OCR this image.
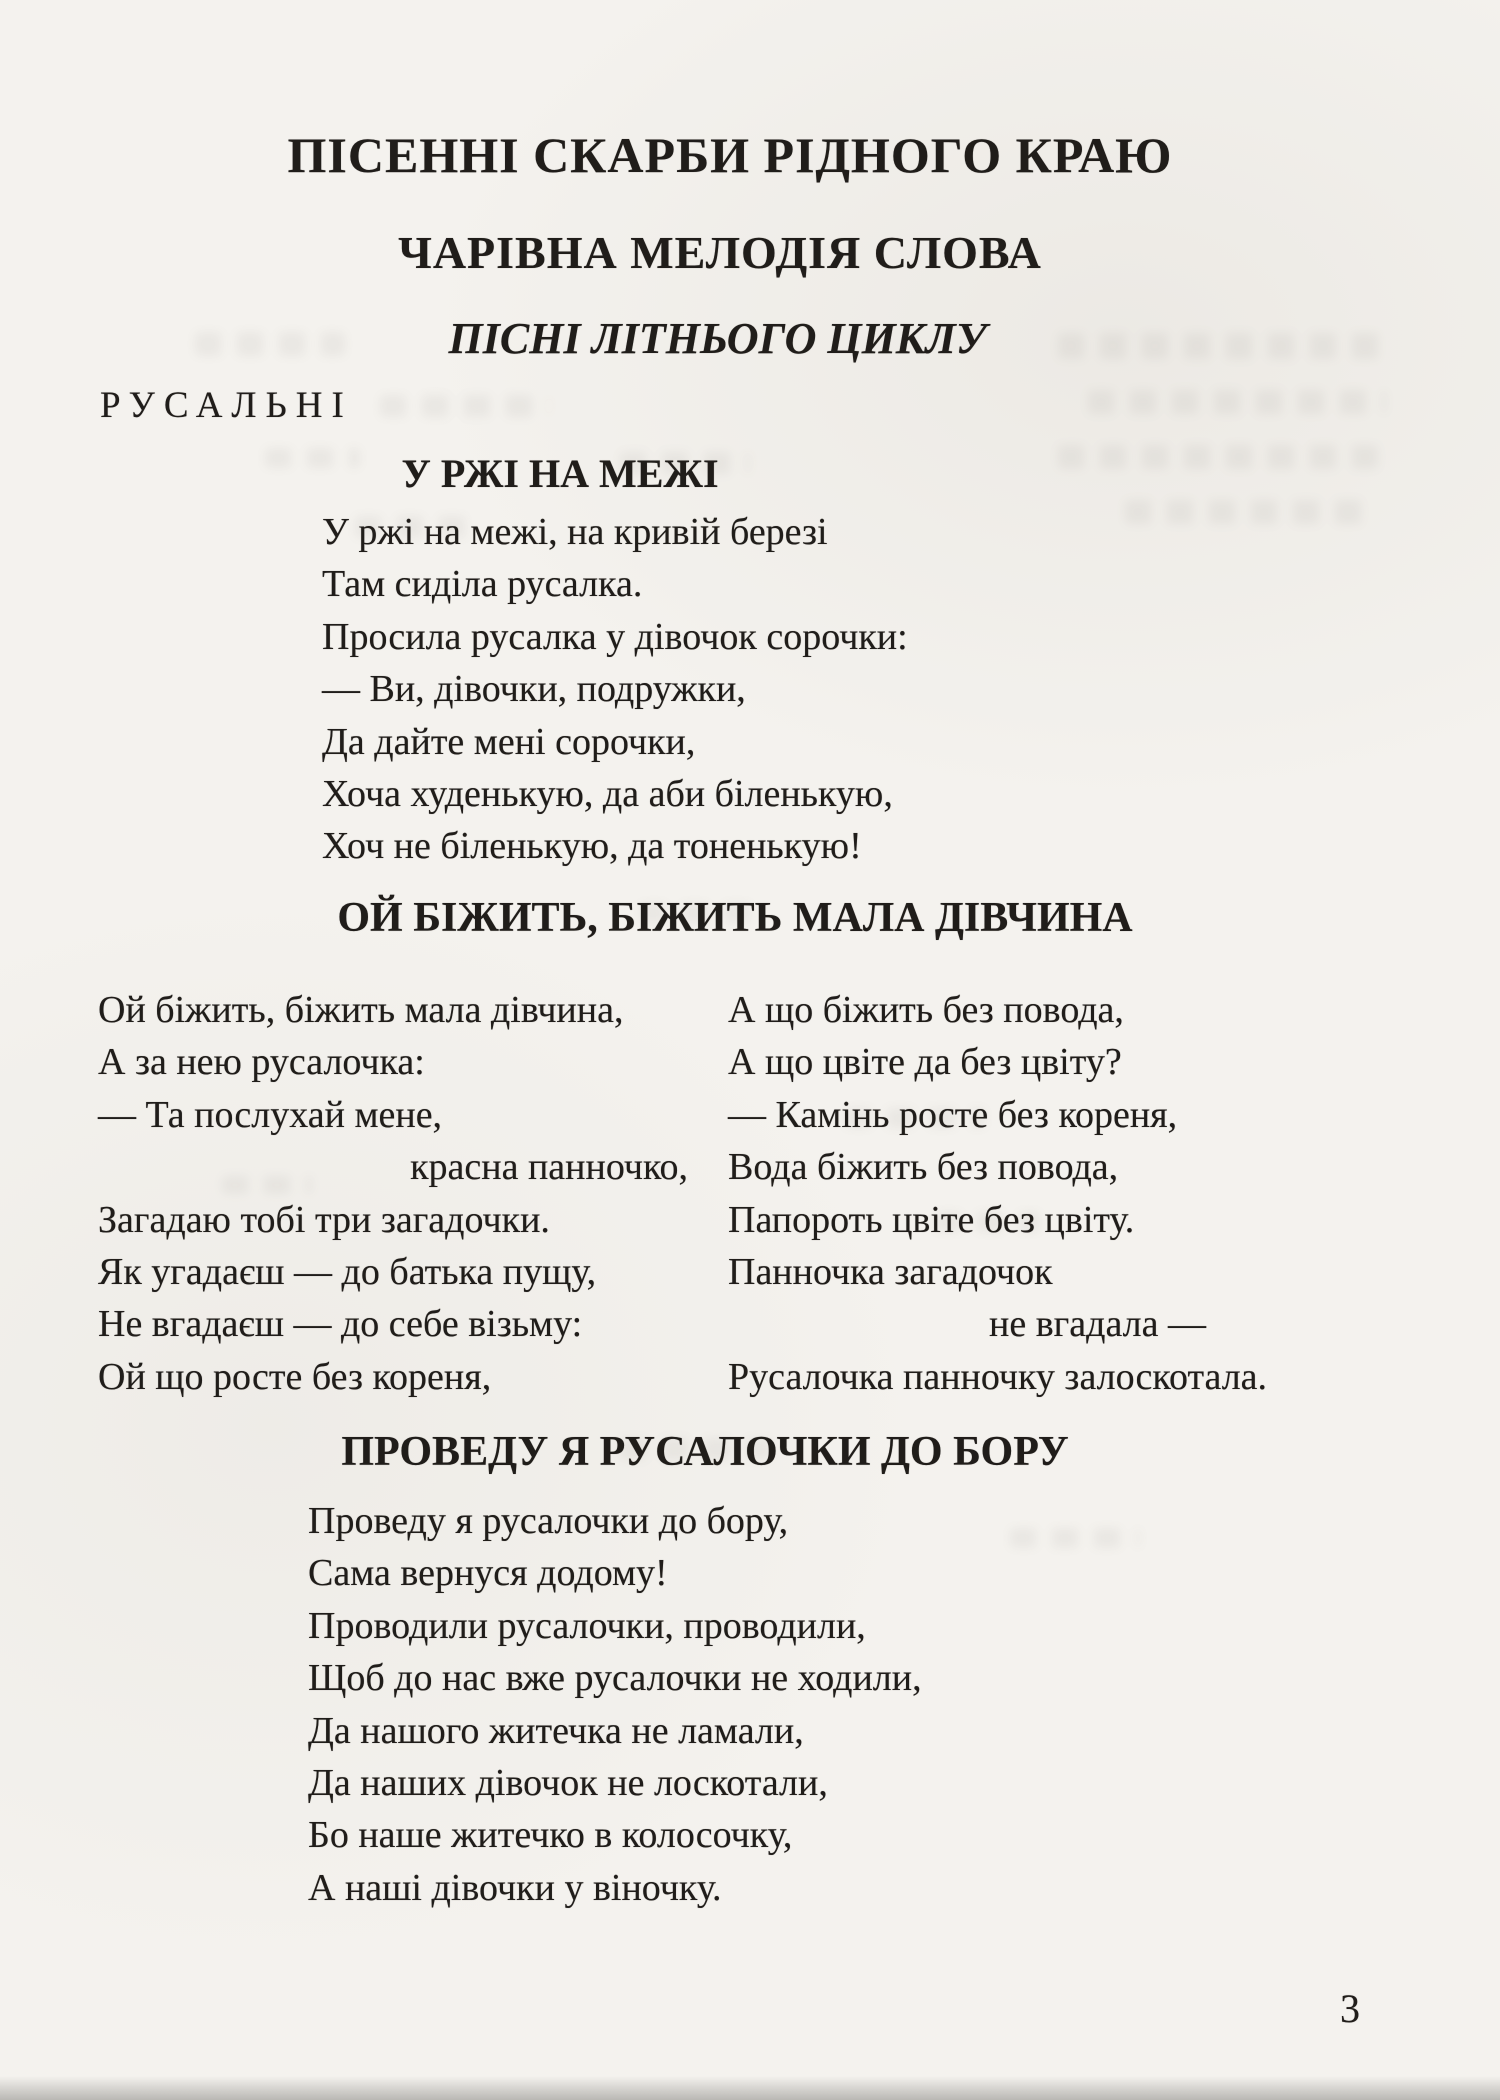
ПІСЕННІ СКАРБИ РІДНОГО КРАЮ
ЧАРІВНА МЕЛОДІЯ СЛОВА
ПІСНІ ЛІТНЬОГО ЦИКЛУ
РУСАЛЬНІ
У РЖІ НА МЕЖІ
У ржі на межі, на кривій березі
Там сиділа русалка.
Просила русалка у дівочок сорочки:
— Ви, дівочки, подружки,
Да дайте мені сорочки,
Хоча худенькую, да аби біленькую,
Хоч не біленькую, да тоненькую!
ОЙ БІЖИТЬ, БІЖИТЬ МАЛА ДІВЧИНА
Ой біжить, біжить мала дівчина,
А за нею русалочка:
— Та послухай мене,
красна панночко,
Загадаю тобі три загадочки.
Як угадаєш — до батька пущу,
Не вгадаєш — до себе візьму:
Ой що росте без кореня,
А що біжить без повода,
А що цвіте да без цвіту?
— Камінь росте без кореня,
Вода біжить без повода,
Папороть цвіте без цвіту.
Панночка загадочок
не вгадала —
Русалочка панночку залоскотала.
ПРОВЕДУ Я РУСАЛОЧКИ ДО БОРУ
Проведу я русалочки до бору,
Сама вернуся додому!
Проводили русалочки, проводили,
Щоб до нас вже русалочки не ходили,
Да нашого житечка не ламали,
Да наших дівочок не лоскотали,
Бо наше житечко в колосочку,
А наші дівочки у віночку.
3
